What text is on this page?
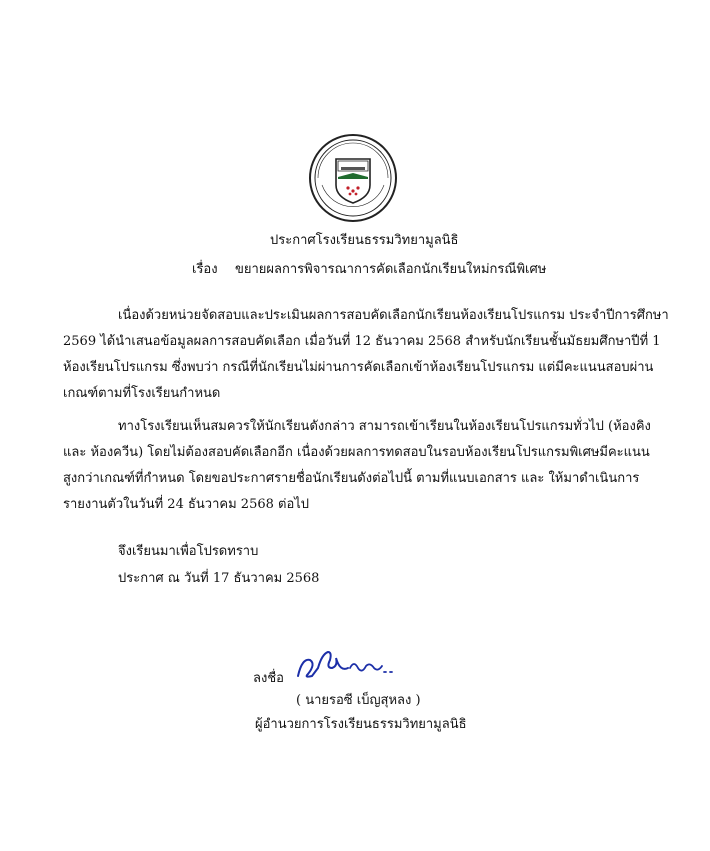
ประกาศโรงเรียนธรรมวิทยามูลนิธิ
เรื่อง ขยายผลการพิจารณาการคัดเลือกนักเรียนใหม่กรณีพิเศษ
เนื่องด้วยหน่วยจัดสอบและประเมินผลการสอบคัดเลือกนักเรียนห้องเรียนโปรแกรม ประจำปีการศึกษา
2569 ได้นำเสนอข้อมูลผลการสอบคัดเลือก เมื่อวันที่ 12 ธันวาคม 2568 สำหรับนักเรียนชั้นมัธยมศึกษาปีที่ 1
ห้องเรียนโปรแกรม ซึ่งพบว่า กรณีที่นักเรียนไม่ผ่านการคัดเลือกเข้าห้องเรียนโปรแกรม แต่มีคะแนนสอบผ่าน
เกณฑ์ตามที่โรงเรียนกำหนด
ทางโรงเรียนเห็นสมควรให้นักเรียนดังกล่าว สามารถเข้าเรียนในห้องเรียนโปรแกรมทั่วไป (ห้องคิง
และ ห้องควีน) โดยไม่ต้องสอบคัดเลือกอีก เนื่องด้วยผลการทดสอบในรอบห้องเรียนโปรแกรมพิเศษมีคะแนน
สูงกว่าเกณฑ์ที่กำหนด โดยขอประกาศรายชื่อนักเรียนดังต่อไปนี้ ตามที่แนบเอกสาร และ ให้มาดำเนินการ
รายงานตัวในวันที่ 24 ธันวาคม 2568 ต่อไป
จึงเรียนมาเพื่อโปรดทราบ
ประกาศ ณ วันที่ 17 ธันวาคม 2568
ลงชื่อ
( นายรอซี เบ็ญสุหลง )
ผู้อำนวยการโรงเรียนธรรมวิทยามูลนิธิ
